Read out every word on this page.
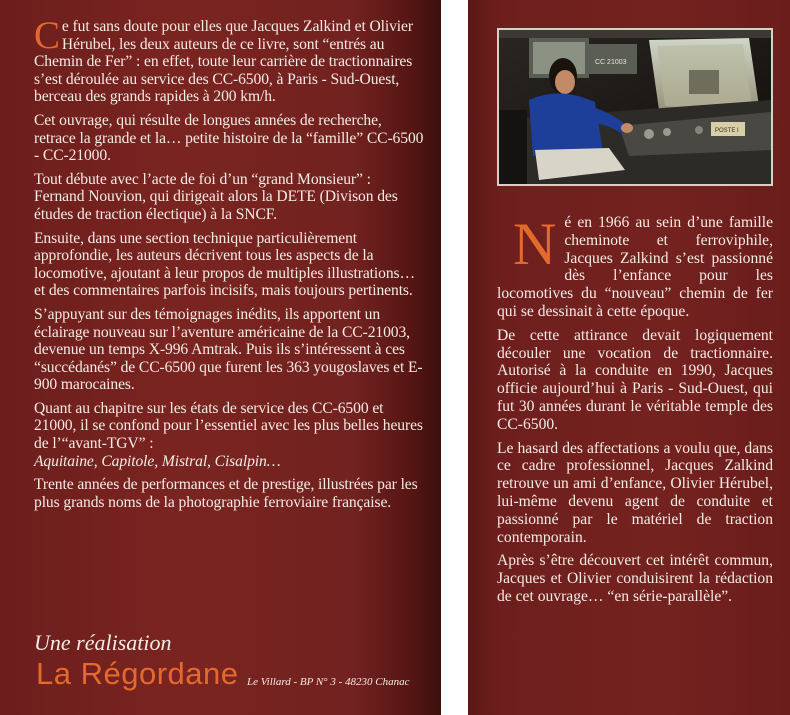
Ce fut sans doute pour elles que Jacques Zalkind et Olivier Hérubel, les deux auteurs de ce livre, sont “entrés au Chemin de Fer” : en effet, toute leur carrière de tractionnaires s’est déroulée au service des CC-6500, à Paris - Sud-Ouest, berceau des grands rapides à 200 km/h.

Cet ouvrage, qui résulte de longues années de recherche, retrace la grande et la… petite histoire de la “famille” CC-6500 - CC-21000.

Tout débute avec l’acte de foi d’un “grand Monsieur” : Fernand Nouvion, qui dirigeait alors la DETE (Divison des études de traction électique) à la SNCF.

Ensuite, dans une section technique particulièrement approfondie, les auteurs décrivent tous les aspects de la locomotive, ajoutant à leur propos de multiples illustrations… et des commentaires parfois incisifs, mais toujours pertinents.

S’appuyant sur des témoignages inédits, ils apportent un éclairage nouveau sur l’aventure américaine de la CC-21003, devenue un temps X-996 Amtrak. Puis ils s’intéressent à ces “succédanés” de CC-6500 que furent les 363 yougoslaves et E-900 marocaines.

Quant au chapitre sur les états de service des CC-6500 et 21000, il se confond pour l’essentiel avec les plus belles heures de l’“avant-TGV” :
Aquitaine, Capitole, Mistral, Cisalpin…

Trente années de performances et de prestige, illustrées par les plus grands noms de la photographie ferroviaire française.

Une réalisation
La Régordane Le Villard - BP N° 3 - 48230 Chanac
CC 21003
POSTE I

Né en 1966 au sein d’une famille cheminote et ferroviphile, Jacques Zalkind s’est passionné dès l’enfance pour les locomotives du “nouveau” chemin de fer qui se dessinait à cette époque.

De cette attirance devait logiquement découler une vocation de tractionnaire. Autorisé à la conduite en 1990, Jacques officie aujourd’hui à Paris - Sud-Ouest, qui fut 30 années durant le véritable temple des CC-6500.

Le hasard des affectations a voulu que, dans ce cadre professionnel, Jacques Zalkind retrouve un ami d’enfance, Olivier Hérubel, lui-même devenu agent de conduite et passionné par le matériel de traction contemporain.

Après s’être découvert cet intérêt commun, Jacques et Olivier conduisirent la rédaction de cet ouvrage… “en série-parallèle”.
